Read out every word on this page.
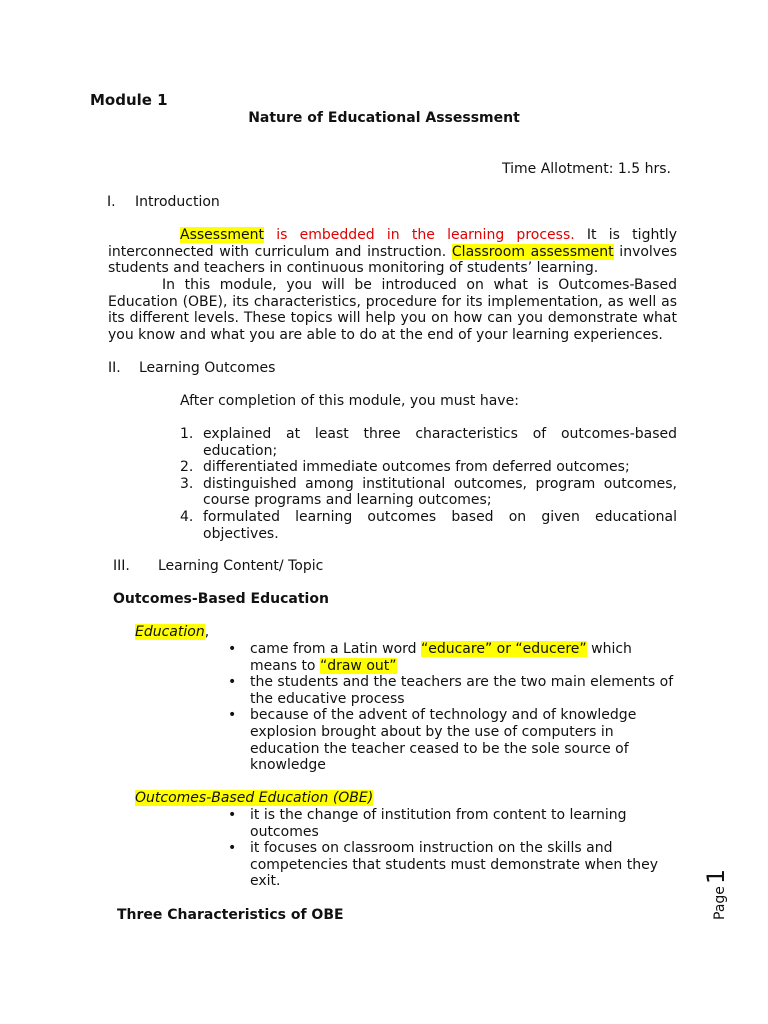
Module 1
Nature of Educational Assessment
Time Allotment: 1.5 hrs.
I. Introduction
Assessment is embedded in the learning process. It is tightly interconnected with curriculum and instruction. Classroom assessment involves students and teachers in continuous monitoring of students’ learning.
In this module, you will be introduced on what is Outcomes-Based Education (OBE), its characteristics, procedure for its implementation, as well as its different levels. These topics will help you on how can you demonstrate what you know and what you are able to do at the end of your learning experiences.
II. Learning Outcomes
After completion of this module, you must have:
1. explained at least three characteristics of outcomes-based education;
2. differentiated immediate outcomes from deferred outcomes;
3. distinguished among institutional outcomes, program outcomes, course programs and learning outcomes;
4. formulated learning outcomes based on given educational objectives.
III. Learning Content/ Topic
Outcomes-Based Education
Education,
• came from a Latin word “educare” or “educere” which means to “draw out”
• the students and the teachers are the two main elements of the educative process
• because of the advent of technology and of knowledge explosion brought about by the use of computers in education the teacher ceased to be the sole source of knowledge
Outcomes-Based Education (OBE)
• it is the change of institution from content to learning outcomes
• it focuses on classroom instruction on the skills and competencies that students must demonstrate when they exit.
Three Characteristics of OBE	Page1
